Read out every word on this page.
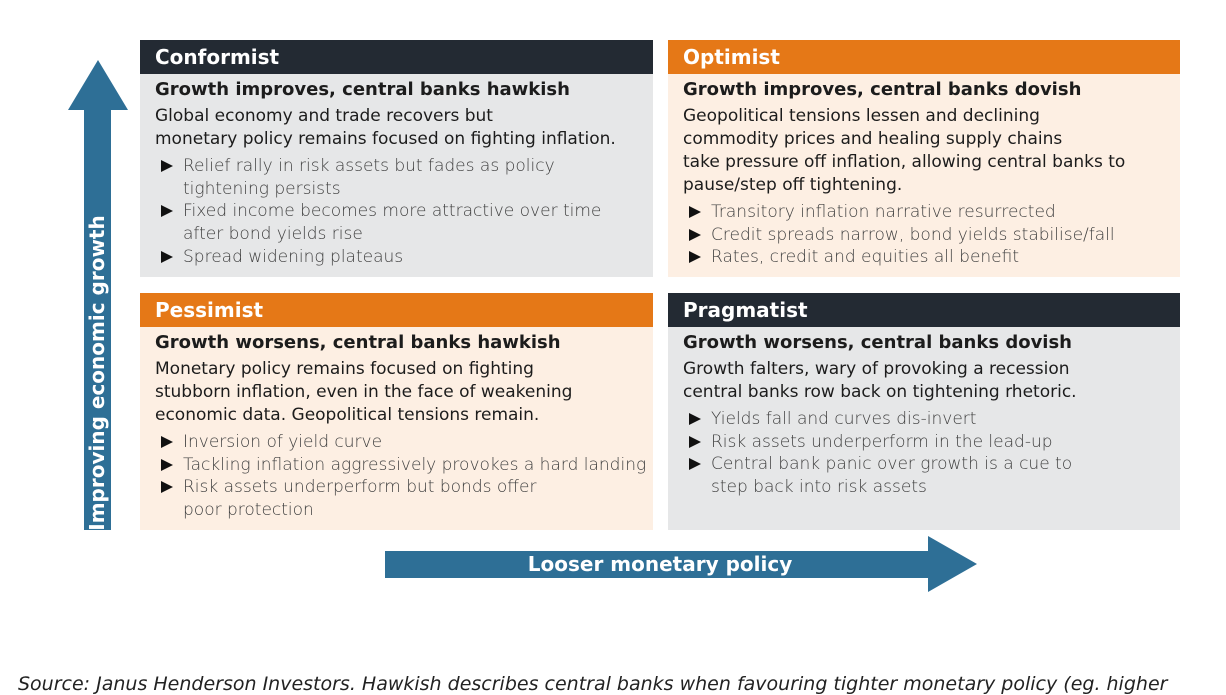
Improving economic growth
Conformist
Growth improves, central banks hawkish
Global economy and trade recovers but
monetary policy remains focused on fighting inflation.
Relief rally in risk assets but fades as policy
tightening persists
Fixed income becomes more attractive over time
after bond yields rise
Spread widening plateaus
Optimist
Growth improves, central banks dovish
Geopolitical tensions lessen and declining
commodity prices and healing supply chains
take pressure off inflation, allowing central banks to
pause/step off tightening.
Transitory inflation narrative resurrected
Credit spreads narrow, bond yields stabilise/fall
Rates, credit and equities all benefit
Pessimist
Growth worsens, central banks hawkish
Monetary policy remains focused on fighting
stubborn inflation, even in the face of weakening
economic data. Geopolitical tensions remain.
Inversion of yield curve
Tackling inflation aggressively provokes a hard landing
Risk assets underperform but bonds offer
poor protection
Pragmatist
Growth worsens, central banks dovish
Growth falters, wary of provoking a recession
central banks row back on tightening rhetoric.
Yields fall and curves dis-invert
Risk assets underperform in the lead-up
Central bank panic over growth is a cue to
step back into risk assets
Looser monetary policy
Source: Janus Henderson Investors. Hawkish describes central banks when favouring tighter monetary policy (eg. higher
